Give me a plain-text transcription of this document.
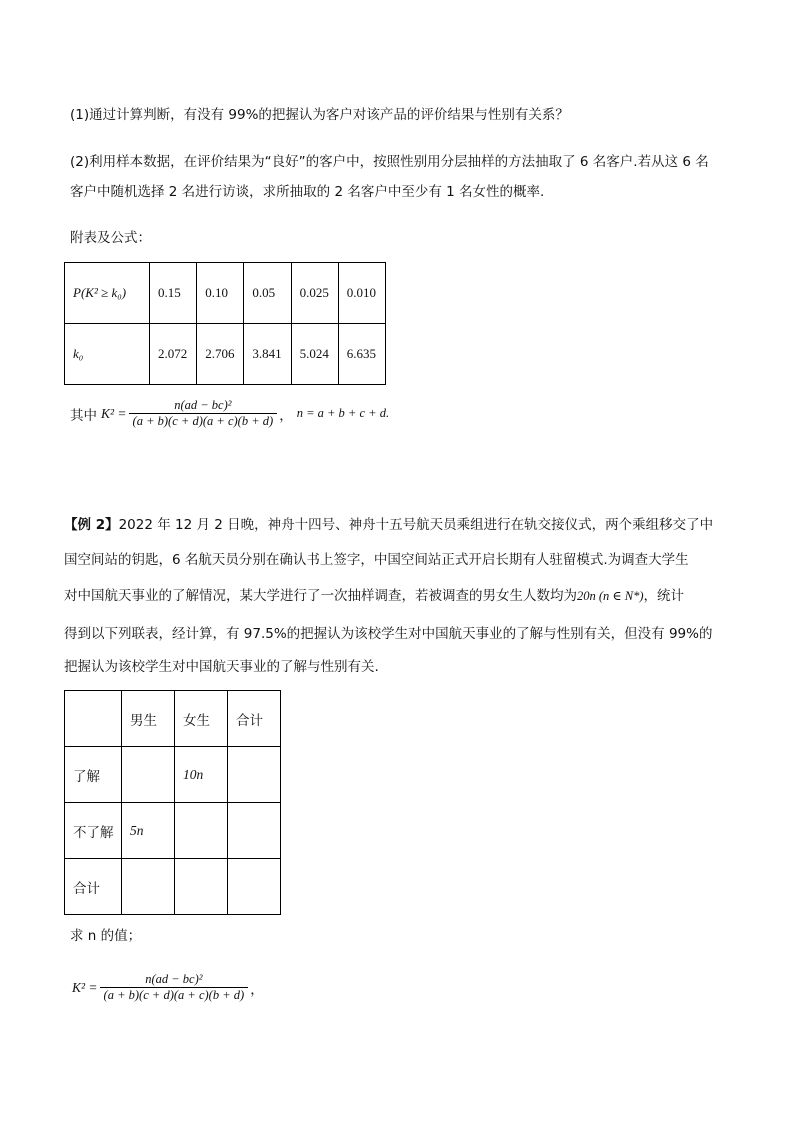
(1)通过计算判断，有没有 99%的把握认为客户对该产品的评价结果与性别有关系？
(2)利用样本数据，在评价结果为“良好”的客户中，按照性别用分层抽样的方法抽取了 6 名客户.若从这 6 名
客户中随机选择 2 名进行访谈，求所抽取的 2 名客户中至少有 1 名女性的概率.
附表及公式：
P(K² ≥ k₀)	0.15	0.10	0.05	0.025	0.010
k₀	2.072	2.706	3.841	5.024	6.635
其中 $K^2 = \frac{\text{n(ad − bc)²}}{(a + b)(c + d)(a + c)(b + d)}$ ， n = a + b + c + d.
【例 2】2022 年 12 月 2 日晚，神舟十四号、神舟十五号航天员乘组进行在轨交接仪式，两个乘组移交了中
国空间站的钥匙，6 名航天员分别在确认书上签字，中国空间站正式开启长期有人驻留模式.为调查大学生
对中国航天事业的了解情况，某大学进行了一次抽样调查，若被调查的男女生人数均为20n (n ∈ N*)，统计
得到以下列联表，经计算，有 97.5%的把握认为该校学生对中国航天事业的了解与性别有关，但没有 99%的
把握认为该校学生对中国航天事业的了解与性别有关.
	男生	女生	合计
了解		10n	
不了解	5n		
合计			
求 n 的值；
$K^2 = \frac{\text{n(ad − bc)²}}{(a + b)(c + d)(a + c)(b + d)}$ ，
